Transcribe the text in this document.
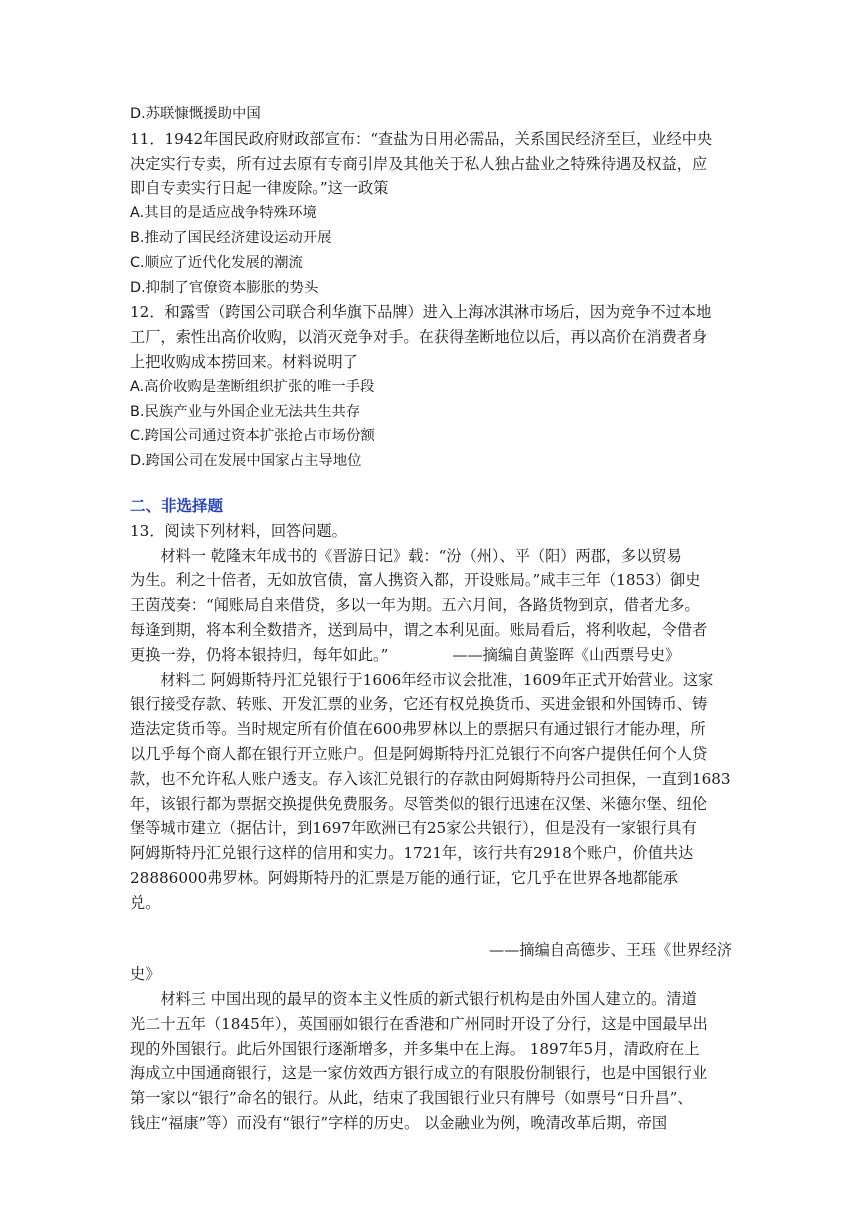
D.苏联慷慨援助中国

11．1942年国民政府财政部宣布：“查盐为日用必需品，关系国民经济至巨，业经中央
决定实行专卖，所有过去原有专商引岸及其他关于私人独占盐业之特殊待遇及权益，应
即自专卖实行日起一律废除。”这一政策

A.其目的是适应战争特殊环境

B.推动了国民经济建设运动开展

C.顺应了近代化发展的潮流

D.抑制了官僚资本膨胀的势头

12．和露雪（跨国公司联合利华旗下品牌）进入上海冰淇淋市场后，因为竞争不过本地
工厂，索性出高价收购，以消灭竞争对手。在获得垄断地位以后，再以高价在消费者身
上把收购成本捞回来。材料说明了

A.高价收购是垄断组织扩张的唯一手段

B.民族产业与外国企业无法共生共存

C.跨国公司通过资本扩张抢占市场份额

D.跨国公司在发展中国家占主导地位

二、非选择题

13．阅读下列材料，回答问题。

材料一 乾隆末年成书的《晋游日记》载：“汾（州）、平（阳）两郡，多以贸易
为生。利之十倍者，无如放官债，富人携资入都，开设账局。”咸丰三年（1853）御史
王茵茂奏：“闻账局自来借贷，多以一年为期。五六月间，各路货物到京，借者尤多。
每逢到期，将本利全数措齐，送到局中，谓之本利见面。账局看后，将利收起，令借者
更换一券，仍将本银持归，每年如此。”	——摘编自黄鉴晖《山西票号史》

材料二 阿姆斯特丹汇兑银行于1606年经市议会批准，1609年正式开始营业。这家
银行接受存款、转账、开发汇票的业务，它还有权兑换货币、买进金银和外国铸币、铸
造法定货币等。当时规定所有价值在600弗罗林以上的票据只有通过银行才能办理，所
以几乎每个商人都在银行开立账户。但是阿姆斯特丹汇兑银行不向客户提供任何个人贷
款，也不允许私人账户透支。存入该汇兑银行的存款由阿姆斯特丹公司担保，一直到1683
年，该银行都为票据交换提供免费服务。尽管类似的银行迅速在汉堡、米德尔堡、纽伦
堡等城市建立（据估计，到1697年欧洲已有25家公共银行），但是没有一家银行具有
阿姆斯特丹汇兑银行这样的信用和实力。1721年，该行共有2918个账户，价值共达
28886000弗罗林。阿姆斯特丹的汇票是万能的通行证，它几乎在世界各地都能承
兑。

——摘编自高德步、王珏《世界经济

史》

材料三 中国出现的最早的资本主义性质的新式银行机构是由外国人建立的。清道
光二十五年（1845年），英国丽如银行在香港和广州同时开设了分行，这是中国最早出
现的外国银行。此后外国银行逐渐增多，并多集中在上海。 1897年5月，清政府在上
海成立中国通商银行，这是一家仿效西方银行成立的有限股份制银行，也是中国银行业
第一家以“银行”命名的银行。从此，结束了我国银行业只有牌号（如票号“日升昌”、
钱庄“福康”等）而没有“银行”字样的历史。 以金融业为例，晚清改革后期，帝国
